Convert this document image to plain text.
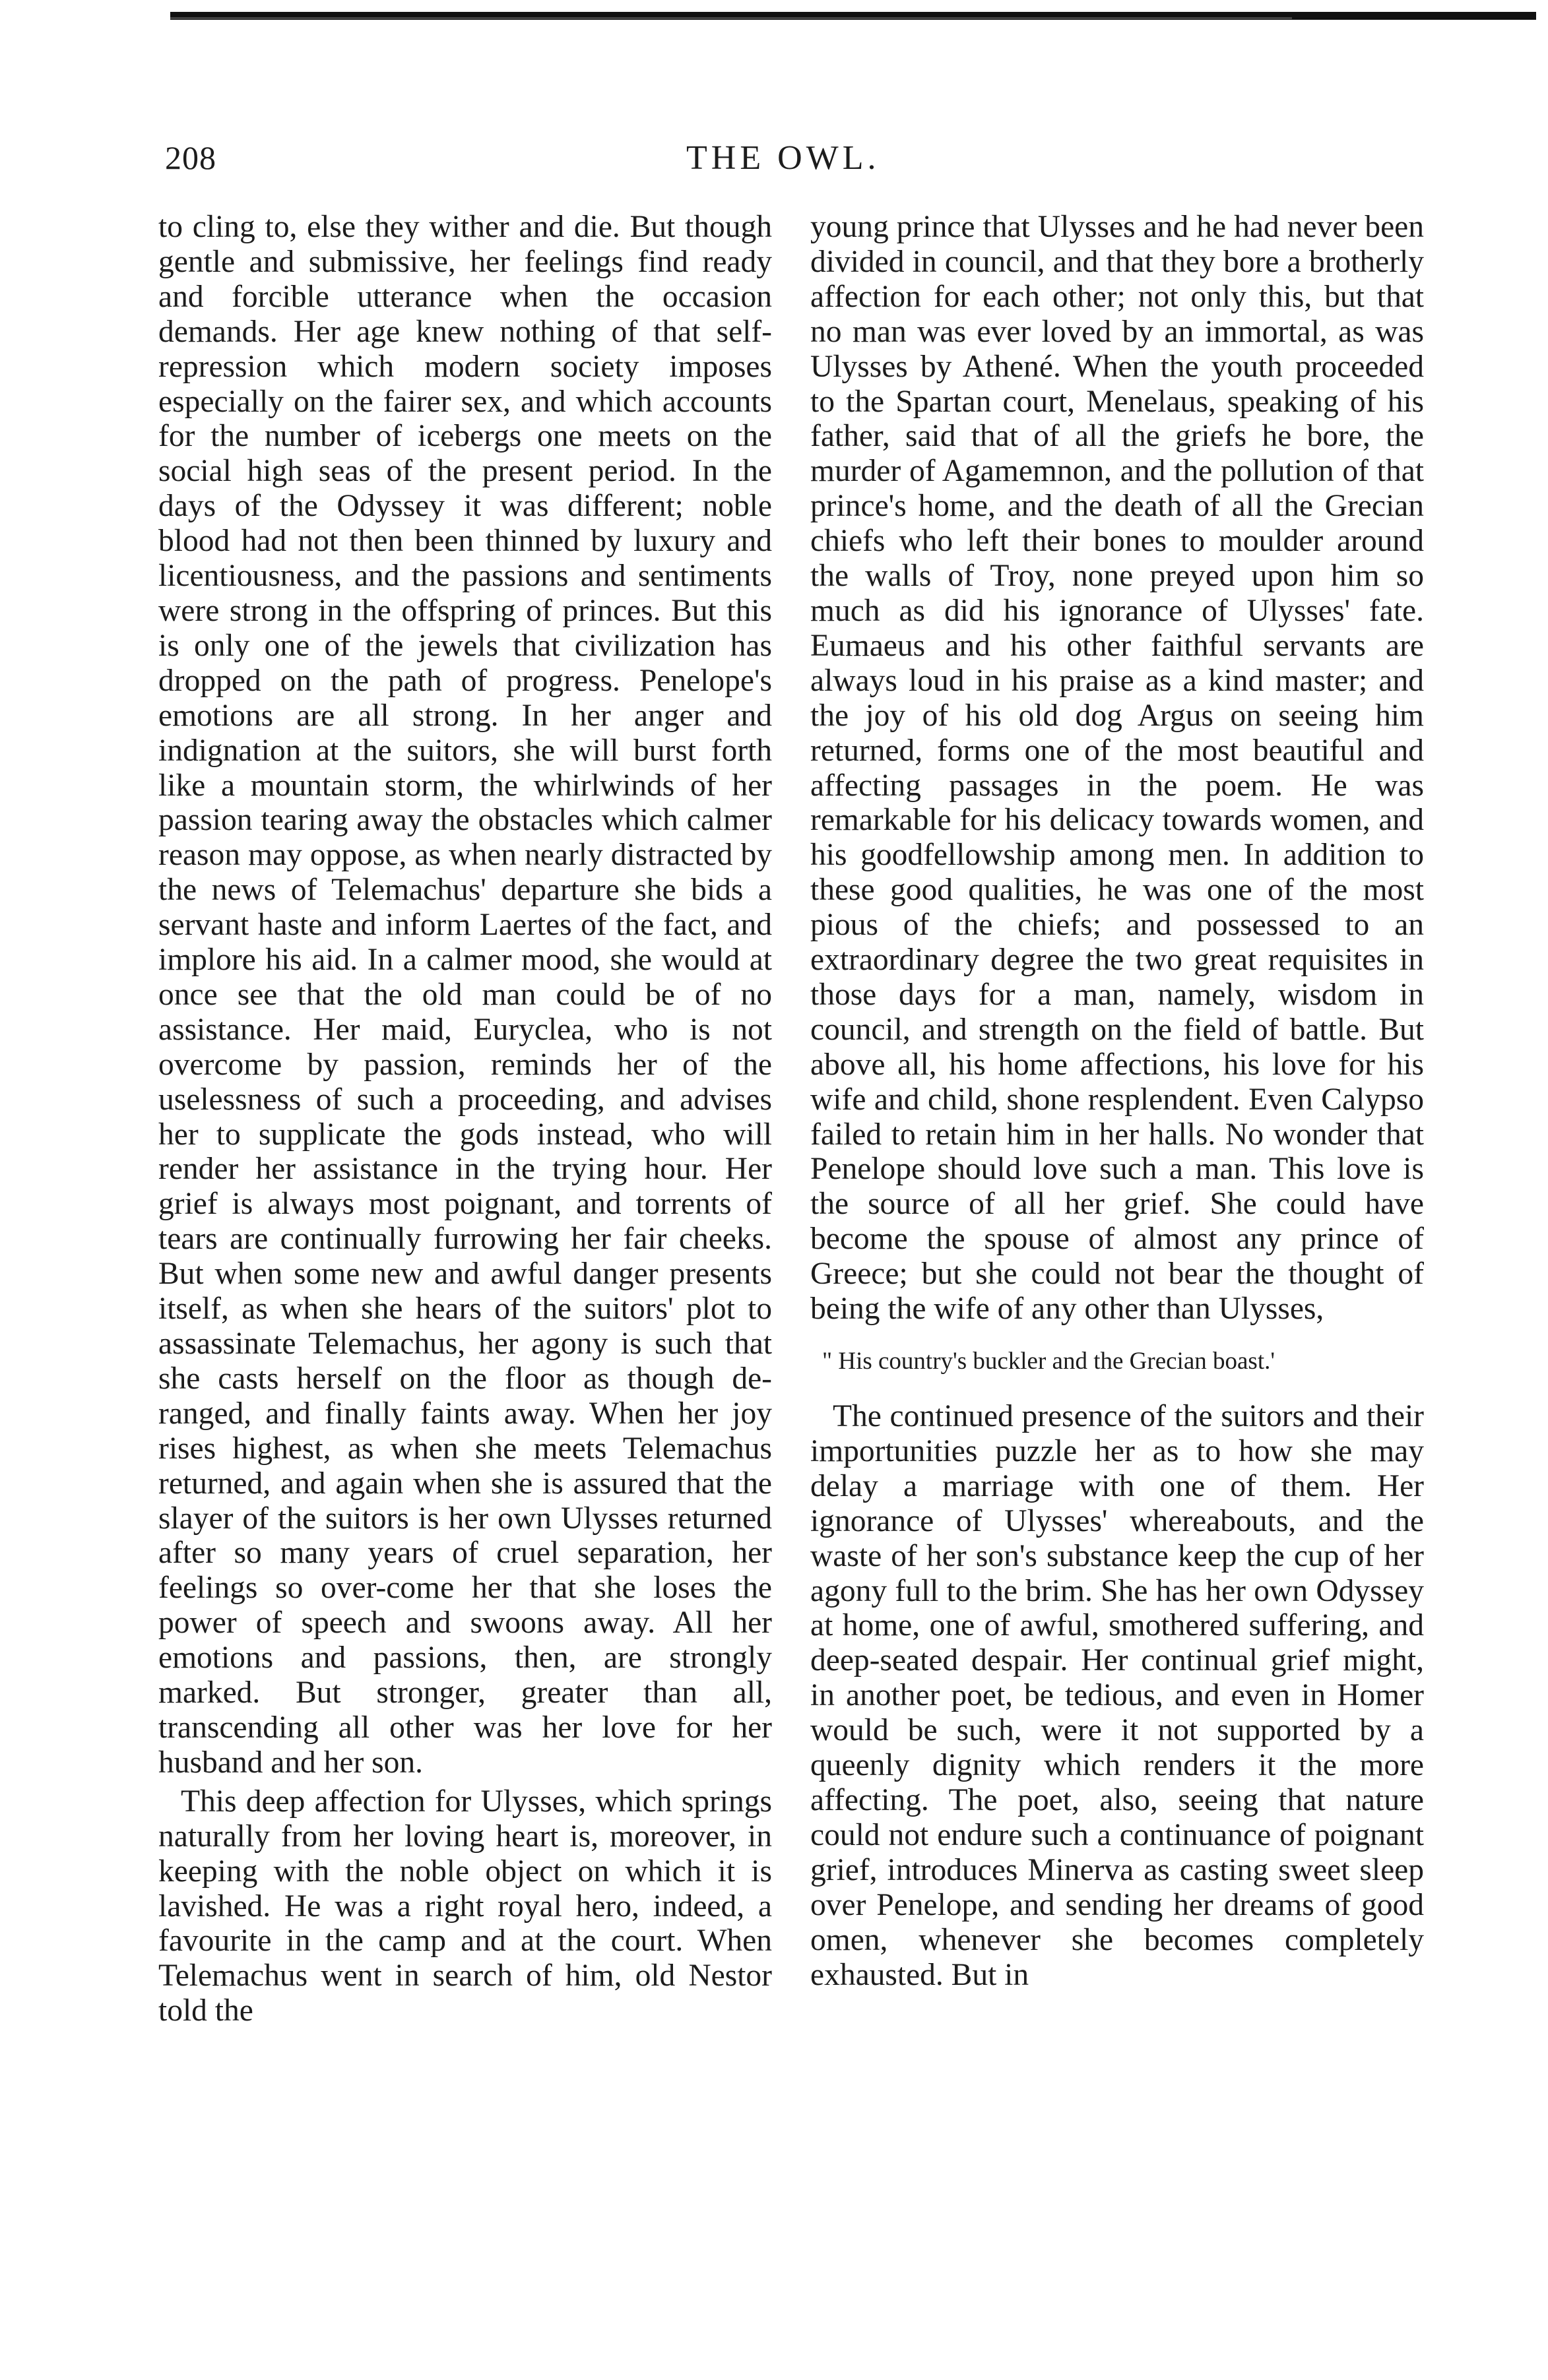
208	THE OWL.

to cling to, else they wither and die. But though gentle and submissive, her feelings find ready and forcible utterance when the occasion demands. Her age knew nothing of that self-repression which modern society imposes especially on the fairer sex, and which accounts for the number of icebergs one meets on the social high seas of the present period. In the days of the Odyssey it was different; noble blood had not then been thinned by luxury and licentiousness, and the passions and sentiments were strong in the offspring of princes. But this is only one of the jewels that civilization has dropped on the path of progress. Penelope's emotions are all strong. In her anger and indignation at the suitors, she will burst forth like a mountain storm, the whirlwinds of her passion tearing away the obstacles which calmer reason may oppose, as when nearly distracted by the news of Telemachus' departure she bids a servant haste and inform Laertes of the fact, and implore his aid. In a calmer mood, she would at once see that the old man could be of no assistance. Her maid, Euryclea, who is not overcome by passion, reminds her of the uselessness of such a proceeding, and advises her to supplicate the gods instead, who will render her assistance in the trying hour. Her grief is always most poignant, and torrents of tears are continually furrowing her fair cheeks. But when some new and awful danger presents itself, as when she hears of the suitors' plot to assassinate Telemachus, her agony is such that she casts herself on the floor as though deranged, and finally faints away. When her joy rises highest, as when she meets Telemachus returned, and again when she is assured that the slayer of the suitors is her own Ulysses returned after so many years of cruel separation, her feelings so over-come her that she loses the power of speech and swoons away. All her emotions and passions, then, are strongly marked. But stronger, greater than all, transcending all other was her love for her husband and her son.

This deep affection for Ulysses, which springs naturally from her loving heart is, moreover, in keeping with the noble object on which it is lavished. He was a right royal hero, indeed, a favourite in the camp and at the court. When Telemachus went in search of him, old Nestor told the

young prince that Ulysses and he had never been divided in council, and that they bore a brotherly affection for each other; not only this, but that no man was ever loved by an immortal, as was Ulysses by Athené. When the youth proceeded to the Spartan court, Menelaus, speaking of his father, said that of all the griefs he bore, the murder of Agamemnon, and the pollution of that prince's home, and the death of all the Grecian chiefs who left their bones to moulder around the walls of Troy, none preyed upon him so much as did his ignorance of Ulysses' fate. Eumaeus and his other faithful servants are always loud in his praise as a kind master; and the joy of his old dog Argus on seeing him returned, forms one of the most beautiful and affecting passages in the poem. He was remarkable for his delicacy towards women, and his goodfellowship among men. In addition to these good qualities, he was one of the most pious of the chiefs; and possessed to an extraordinary degree the two great requisites in those days for a man, namely, wisdom in council, and strength on the field of battle. But above all, his home affections, his love for his wife and child, shone resplendent. Even Calypso failed to retain him in her halls. No wonder that Penelope should love such a man. This love is the source of all her grief. She could have become the spouse of almost any prince of Greece; but she could not bear the thought of being the wife of any other than Ulysses,

" His country's buckler and the Grecian boast.'

The continued presence of the suitors and their importunities puzzle her as to how she may delay a marriage with one of them. Her ignorance of Ulysses' whereabouts, and the waste of her son's substance keep the cup of her agony full to the brim. She has her own Odyssey at home, one of awful, smothered suffering, and deep-seated despair. Her continual grief might, in another poet, be tedious, and even in Homer would be such, were it not supported by a queenly dignity which renders it the more affecting. The poet, also, seeing that nature could not endure such a continuance of poignant grief, introduces Minerva as casting sweet sleep over Penelope, and sending her dreams of good omen, whenever she becomes completely exhausted. But in
